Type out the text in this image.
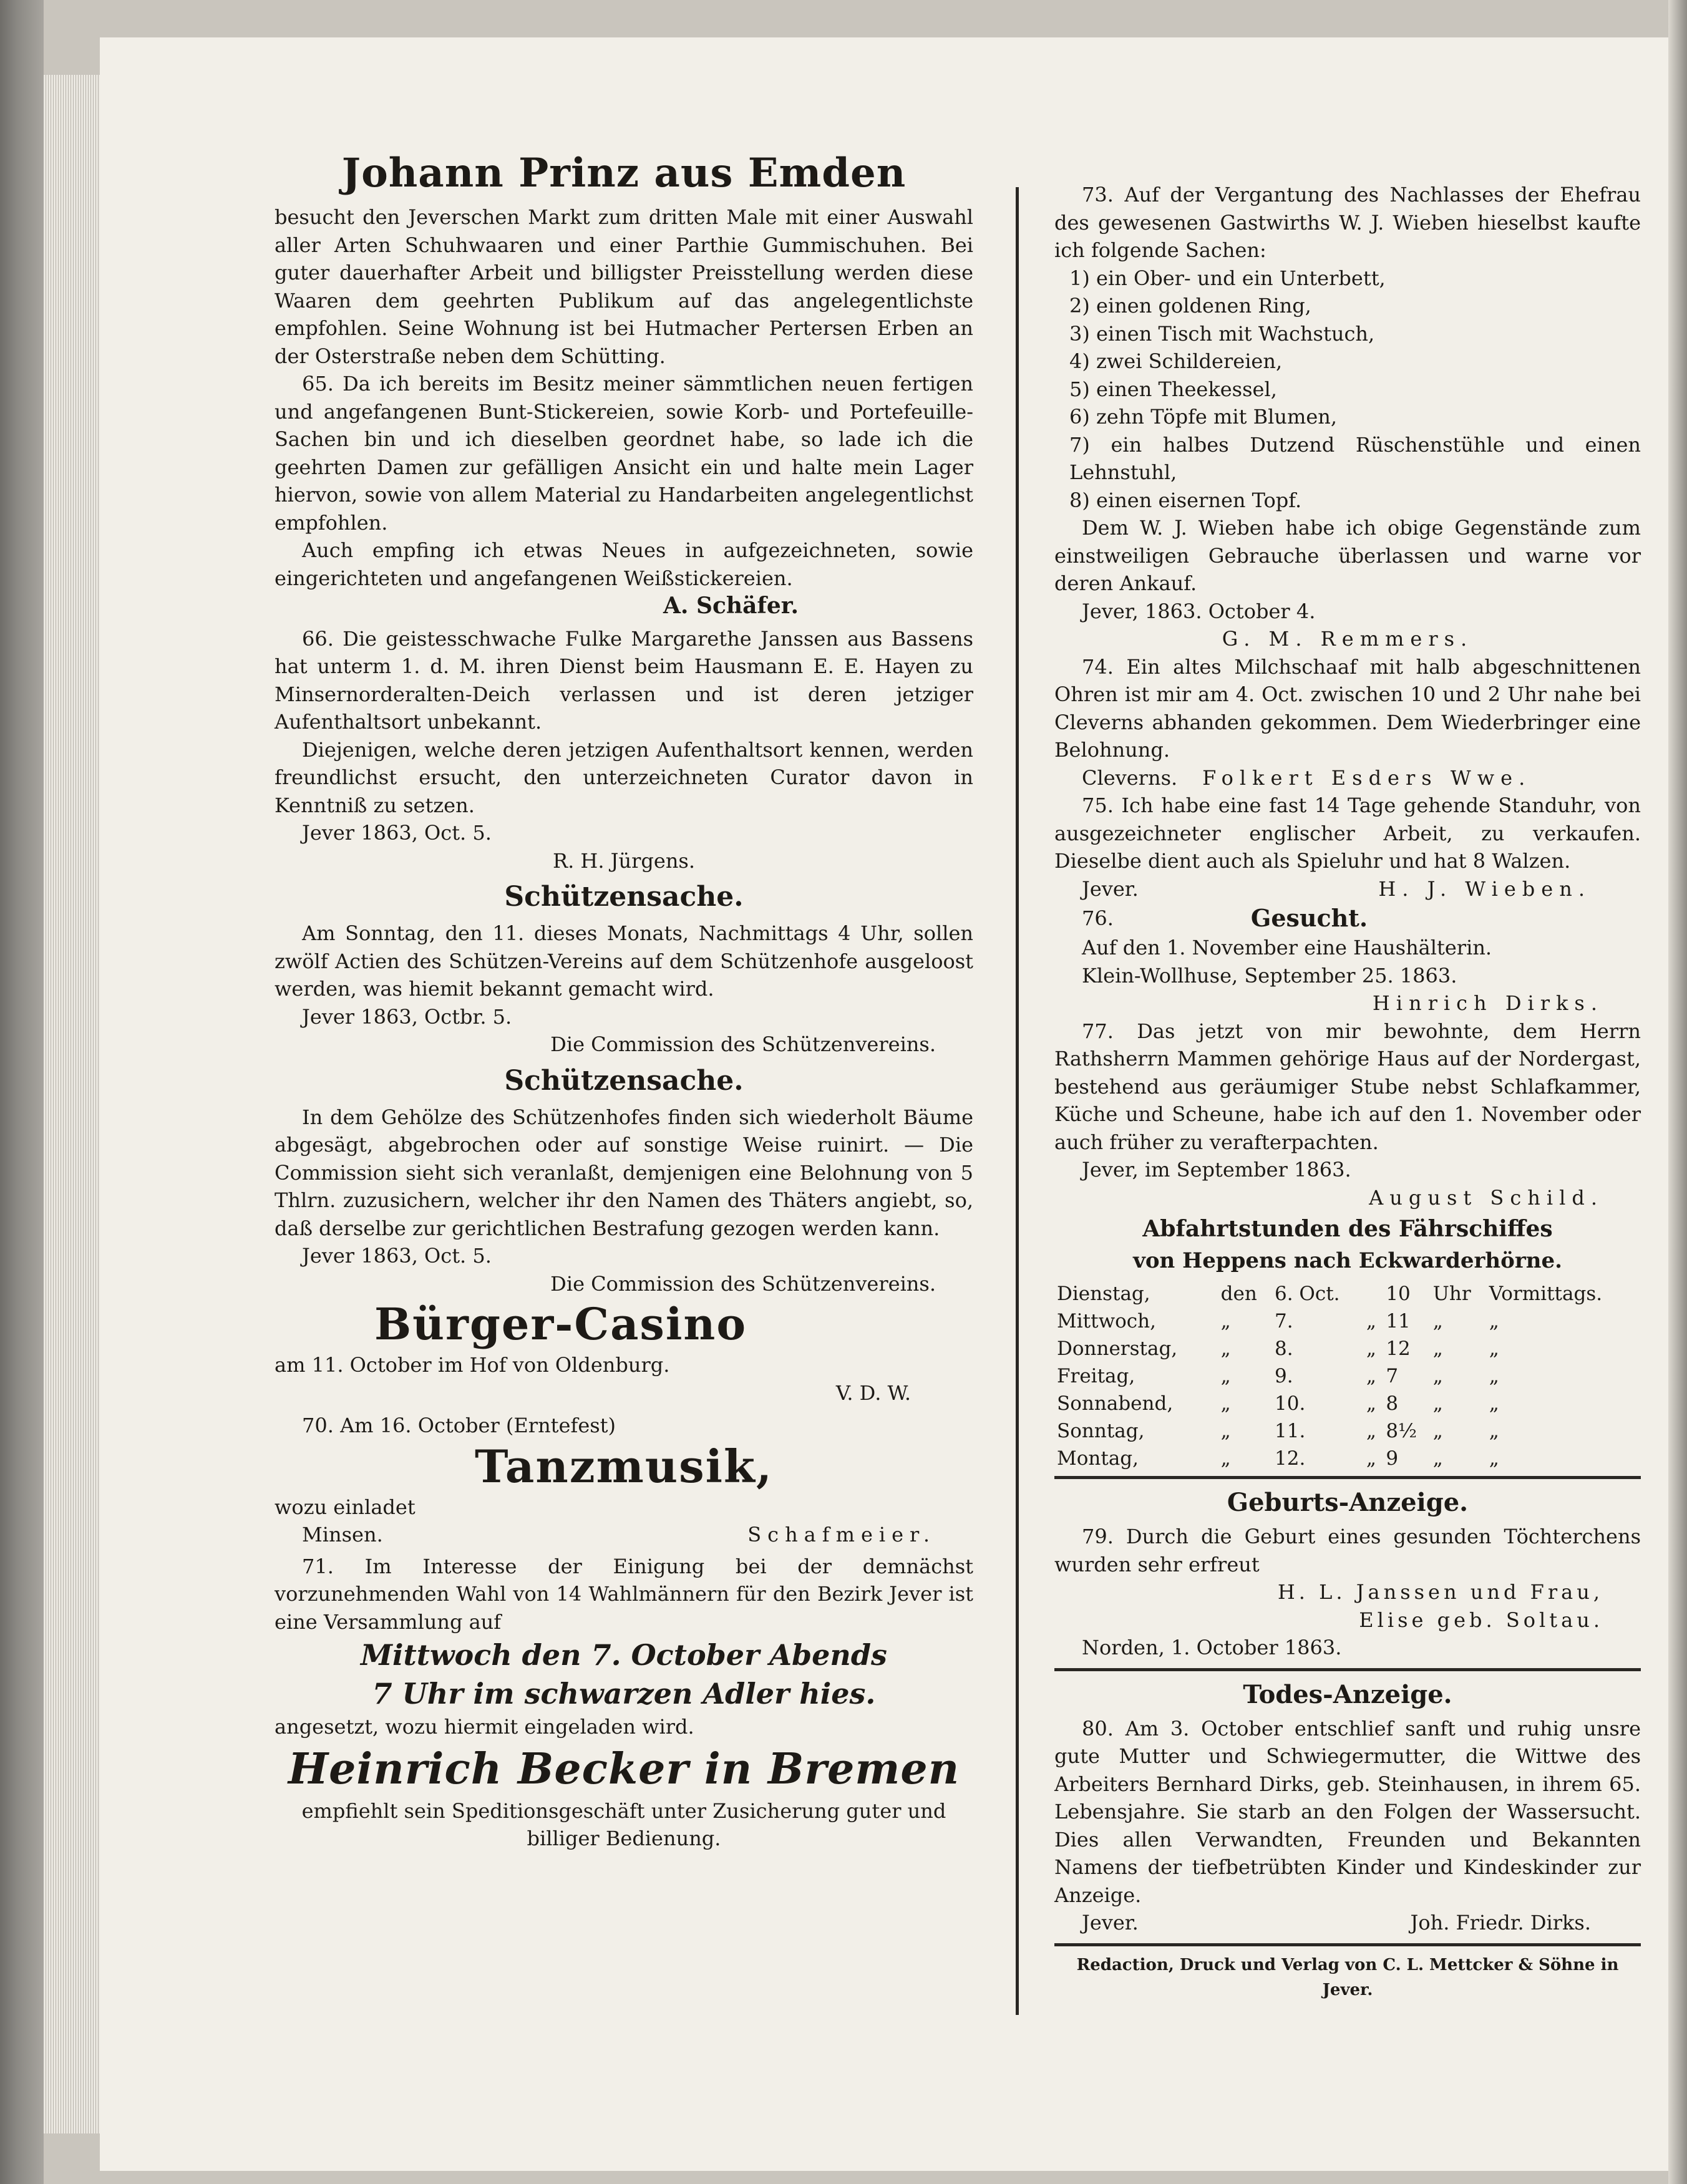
Johann Prinz aus Emden

besucht den Jeverschen Markt zum dritten Male mit einer Auswahl aller Arten Schuhwaaren und einer Parthie Gummischuhen. Bei guter dauerhafter Arbeit und billigster Preisstellung werden diese Waaren dem geehrten Publikum auf das angelegentlichste empfohlen. Seine Wohnung ist bei Hutmacher Pertersen Erben an der Osterstraße neben dem Schütting.

65. Da ich bereits im Besitz meiner sämmtlichen neuen fertigen und angefangenen Bunt-Stickereien, sowie Korb- und Portefeuille-Sachen bin und ich dieselben geordnet habe, so lade ich die geehrten Damen zur gefälligen Ansicht ein und halte mein Lager hiervon, sowie von allem Material zu Handarbeiten angelegentlichst empfohlen.

Auch empfing ich etwas Neues in aufgezeichneten, sowie eingerichteten und angefangenen Weißstickereien.

A. Schäfer.

66. Die geistesschwache Fulke Margarethe Janssen aus Bassens hat unterm 1. d. M. ihren Dienst beim Hausmann E. E. Hayen zu Minsernorderalten-Deich verlassen und ist deren jetziger Aufenthaltsort unbekannt.

Diejenigen, welche deren jetzigen Aufenthaltsort kennen, werden freundlichst ersucht, den unterzeichneten Curator davon in Kenntniß zu setzen.

Jever 1863, Oct. 5.

R. H. Jürgens.
Schützensache.

Am Sonntag, den 11. dieses Monats, Nachmittags 4 Uhr, sollen zwölf Actien des Schützen-Vereins auf dem Schützenhofe ausgeloost werden, was hiemit bekannt gemacht wird.

Jever 1863, Octbr. 5.

Die Commission des Schützenvereins.
Schützensache.

In dem Gehölze des Schützenhofes finden sich wiederholt Bäume abgesägt, abgebrochen oder auf sonstige Weise ruinirt. — Die Commission sieht sich veranlaßt, demjenigen eine Belohnung von 5 Thlrn. zuzusichern, welcher ihr den Namen des Thäters angiebt, so, daß derselbe zur gerichtlichen Bestrafung gezogen werden kann.

Jever 1863, Oct. 5.

Die Commission des Schützenvereins.
Bürger-Casino

am 11. October im Hof von Oldenburg.

V. D. W.

70. Am 16. October (Erntefest)

Tanzmusik,

wozu einladet

Minsen.	Schafmeier.

71. Im Interesse der Einigung bei der demnächst vorzunehmenden Wahl von 14 Wahlmännern für den Bezirk Jever ist eine Versammlung auf

Mittwoch den 7. October Abends
7 Uhr im schwarzen Adler hies.

angesetzt, wozu hiermit eingeladen wird.

Heinrich Becker in Bremen

empfiehlt sein Speditionsgeschäft unter Zusicherung guter und billiger Bedienung.

73. Auf der Vergantung des Nachlasses der Ehefrau des gewesenen Gastwirths W. J. Wieben hieselbst kaufte ich folgende Sachen:

1) ein Ober- und ein Unterbett,

2) einen goldenen Ring,

3) einen Tisch mit Wachstuch,

4) zwei Schildereien,

5) einen Theekessel,

6) zehn Töpfe mit Blumen,

7) ein halbes Dutzend Rüschenstühle und einen Lehnstuhl,

8) einen eisernen Topf.

Dem W. J. Wieben habe ich obige Gegenstände zum einstweiligen Gebrauche überlassen und warne vor deren Ankauf.

Jever, 1863. October 4.

G. M. Remmers.

74. Ein altes Milchschaaf mit halb abgeschnittenen Ohren ist mir am 4. Oct. zwischen 10 und 2 Uhr nahe bei Cleverns abhanden gekommen. Dem Wiederbringer eine Belohnung.

Cleverns. Folkert Esders Wwe.

75. Ich habe eine fast 14 Tage gehende Standuhr, von ausgezeichneter englischer Arbeit, zu verkaufen. Dieselbe dient auch als Spieluhr und hat 8 Walzen.

Jever.	H. J. Wieben.
76.	Gesucht.

Auf den 1. November eine Haushälterin.

Klein-Wollhuse, September 25. 1863.

Hinrich Dirks.

77. Das jetzt von mir bewohnte, dem Herrn Rathsherrn Mammen gehörige Haus auf der Nordergast, bestehend aus geräumiger Stube nebst Schlafkammer, Küche und Scheune, habe ich auf den 1. November oder auch früher zu verafterpachten.

Jever, im September 1863.

August Schild.
Abfahrtstunden des Fährschiffes
von Heppens nach Eckwarderhörne.
Dienstag,	den	6. Oct.		10	Uhr	Vormittags.
Mittwoch,	„	7.	„	11	„	„
Donnerstag,	„	8.	„	12	„	„
Freitag,	„	9.	„	7	„	„
Sonnabend,	„	10.	„	8	„	„
Sonntag,	„	11.	„	8½	„	„
Montag,	„	12.	„	9	„	„
Geburts-Anzeige.

79. Durch die Geburt eines gesunden Töchterchens wurden sehr erfreut

H. L. Janssen und Frau,
Elise geb. Soltau.

Norden, 1. October 1863.

Todes-Anzeige.

80. Am 3. October entschlief sanft und ruhig unsre gute Mutter und Schwiegermutter, die Wittwe des Arbeiters Bernhard Dirks, geb. Steinhausen, in ihrem 65. Lebensjahre. Sie starb an den Folgen der Wassersucht. Dies allen Verwandten, Freunden und Bekannten Namens der tiefbetrübten Kinder und Kindeskinder zur Anzeige.

Jever.	Joh. Friedr. Dirks.
Redaction, Druck und Verlag von C. L. Mettcker & Söhne in Jever.
